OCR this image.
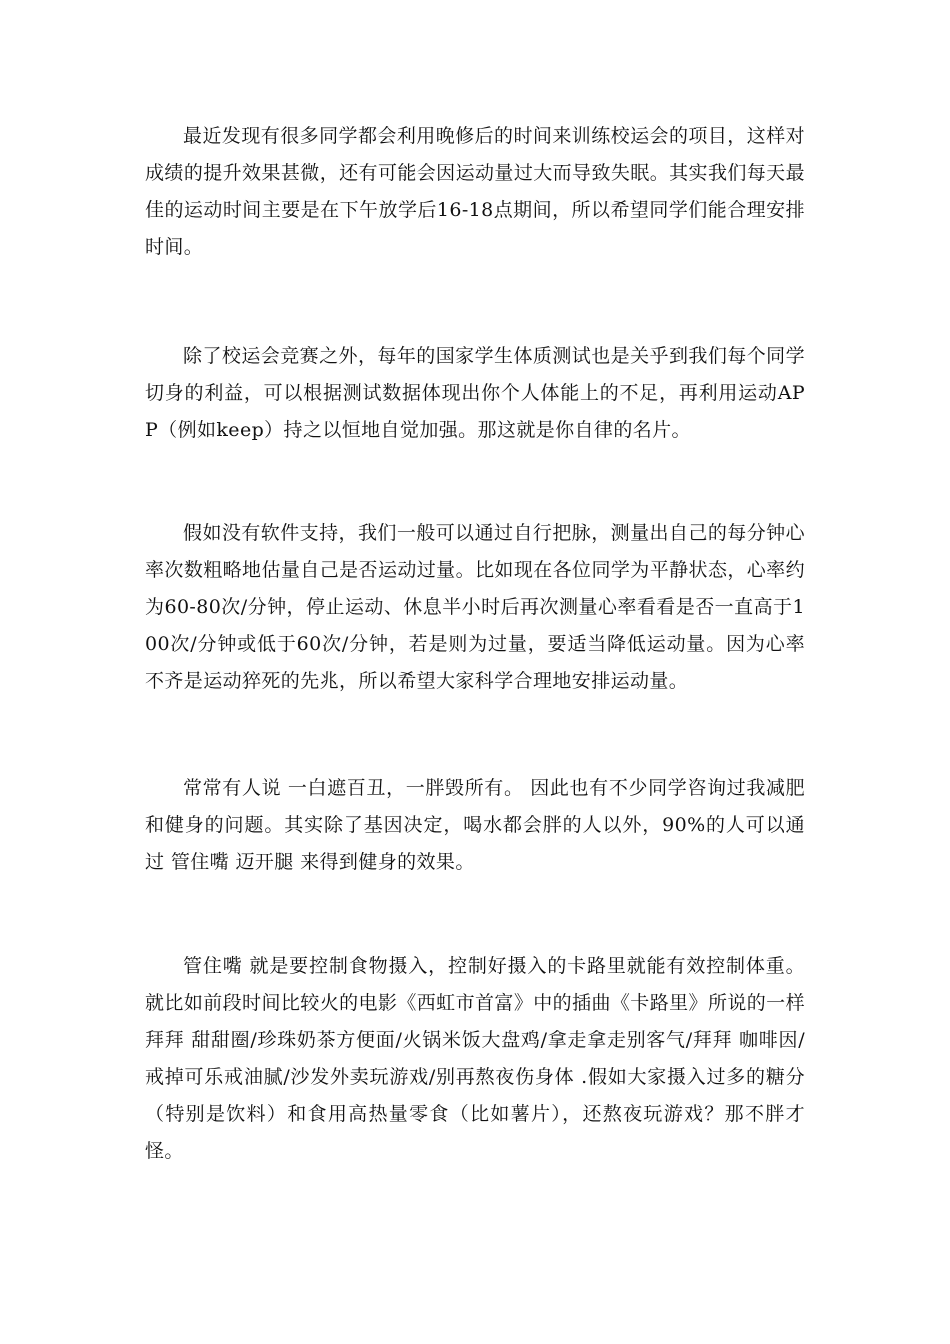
最近发现有很多同学都会利用晚修后的时间来训练校运会的项目，这样对成绩的提升效果甚微，还有可能会因运动量过大而导致失眠。其实我们每天最佳的运动时间主要是在下午放学后16-18点期间，所以希望同学们能合理安排时间。

除了校运会竞赛之外，每年的国家学生体质测试也是关乎到我们每个同学切身的利益，可以根据测试数据体现出你个人体能上的不足，再利用运动APP（例如keep）持之以恒地自觉加强。那这就是你自律的名片。

假如没有软件支持，我们一般可以通过自行把脉，测量出自己的每分钟心率次数粗略地估量自己是否运动过量。比如现在各位同学为平静状态，心率约为60-80次/分钟，停止运动、休息半小时后再次测量心率看看是否一直高于100次/分钟或低于60次/分钟，若是则为过量，要适当降低运动量。因为心率不齐是运动猝死的先兆，所以希望大家科学合理地安排运动量。

常常有人说 一白遮百丑，一胖毁所有。 因此也有不少同学咨询过我减肥和健身的问题。其实除了基因决定，喝水都会胖的人以外，90%的人可以通过 管住嘴 迈开腿 来得到健身的效果。

管住嘴 就是要控制食物摄入，控制好摄入的卡路里就能有效控制体重。就比如前段时间比较火的电影《西虹市首富》中的插曲《卡路里》所说的一样 拜拜 甜甜圈/珍珠奶茶方便面/火锅米饭大盘鸡/拿走拿走别客气/拜拜 咖啡因/戒掉可乐戒油腻/沙发外卖玩游戏/别再熬夜伤身体 .假如大家摄入过多的糖分（特别是饮料）和食用高热量零食（比如薯片），还熬夜玩游戏？那不胖才怪。
